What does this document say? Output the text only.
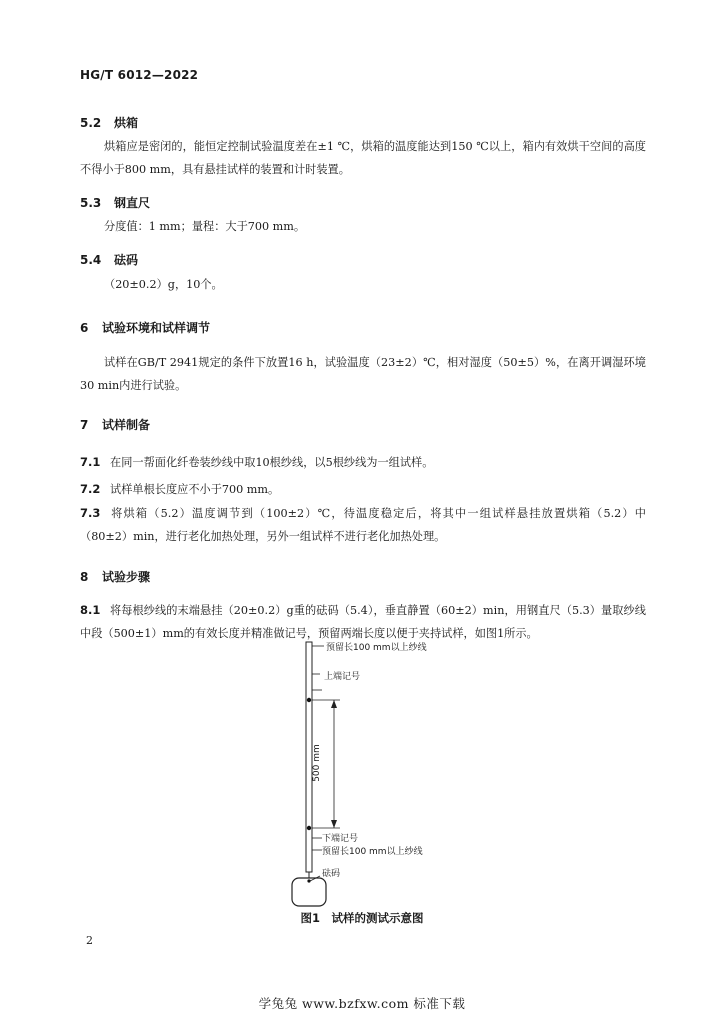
HG/T 6012—2022
5.2 烘箱
烘箱应是密闭的，能恒定控制试验温度差在±1 ℃，烘箱的温度能达到150 ℃以上，箱内有效烘干空间的高度不得小于800 mm，具有悬挂试样的装置和计时装置。
5.3 钢直尺
分度值：1 mm；量程：大于700 mm。
5.4 砝码
（20±0.2）g，10个。
6 试验环境和试样调节
试样在GB/T 2941规定的条件下放置16 h，试验温度（23±2）℃，相对湿度（50±5）%，在离开调湿环境30 min内进行试验。
7 试样制备
7.1 在同一帮面化纤卷装纱线中取10根纱线，以5根纱线为一组试样。
7.2 试样单根长度应不小于700 mm。
7.3 将烘箱（5.2）温度调节到（100±2）℃，待温度稳定后，将其中一组试样悬挂放置烘箱（5.2）中（80±2）min，进行老化加热处理，另外一组试样不进行老化加热处理。
8 试验步骤
8.1 将每根纱线的末端悬挂（20±0.2）g重的砝码（5.4），垂直静置（60±2）min，用钢直尺（5.3）量取纱线中段（500±1）mm的有效长度并精准做记号，预留两端长度以便于夹持试样，如图1所示。
预留长100 mm以上纱线
上端记号
500 mm
下端记号
预留长100 mm以上纱线
砝码
图1　试样的测试示意图
2
学兔兔 www.bzfxw.com 标准下载
